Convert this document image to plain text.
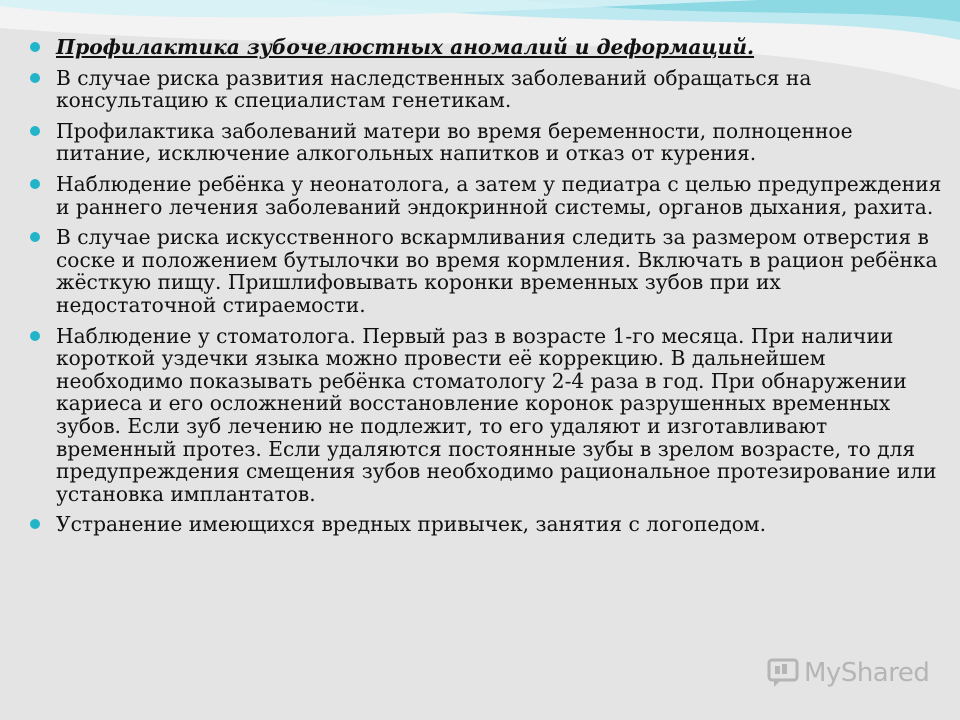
Профилактика зубочелюстных аномалий и деформаций.
В случае риска развития наследственных заболеваний обращаться на консультацию к специалистам генетикам.
Профилактика заболеваний матери во время беременности, полноценное питание, исключение алкогольных напитков и отказ от курения.
Наблюдение ребёнка у неонатолога, а затем у педиатра с целью предупреждения и раннего лечения заболеваний эндокринной системы, органов дыхания, рахита.
В случае риска искусственного вскармливания следить за размером отверстия в соске и положением бутылочки во время кормления. Включать в рацион ребёнка жёсткую пищу. Пришлифовывать коронки временных зубов при их недостаточной стираемости.
Наблюдение у стоматолога. Первый раз в возрасте 1-го месяца. При наличии короткой уздечки языка можно провести её коррекцию. В дальнейшем необходимо показывать ребёнка стоматологу 2-4 раза в год. При обнаружении кариеса и его осложнений восстановление коронок разрушенных временных зубов. Если зуб лечению не подлежит, то его удаляют и изготавливают временный протез. Если удаляются постоянные зубы в зрелом возрасте, то для предупреждения смещения зубов необходимо рациональное протезирование или установка имплантатов.
Устранение имеющихся вредных привычек, занятия с логопедом.
MyShared
